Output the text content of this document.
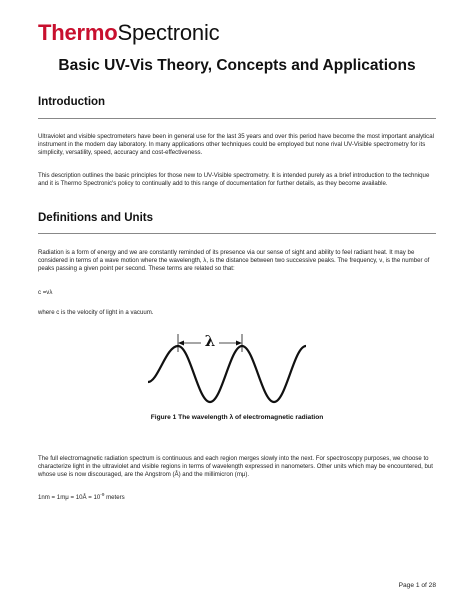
ThermoSpectronic
Basic UV-Vis Theory, Concepts and Applications
Introduction
Ultraviolet and visible spectrometers have been in general use for the last 35 years and over this period have become the most important analytical instrument in the modern day laboratory. In many applications other techniques could be employed but none rival UV-Visible spectrometry for its simplicity, versatility, speed, accuracy and cost-effectiveness.
This description outlines the basic principles for those new to UV-Visible spectrometry. It is intended purely as a brief introduction to the technique and it is Thermo Spectronic's policy to continually add to this range of documentation for further details, as they become available.
Definitions and Units
Radiation is a form of energy and we are constantly reminded of its presence via our sense of sight and ability to feel radiant heat. It may be considered in terms of a wave motion where the wavelength, λ, is the distance between two successive peaks. The frequency, ν, is the number of peaks passing a given point per second. These terms are related so that:
c =νλ
where c is the velocity of light in a vacuum.
λ
Figure 1 The wavelength λ of electromagnetic radiation
The full electromagnetic radiation spectrum is continuous and each region merges slowly into the next. For spectroscopy purposes, we choose to characterize light in the ultraviolet and visible regions in terms of wavelength expressed in nanometers. Other units which may be encountered, but whose use is now discouraged, are the Angstrom (Å) and the millimicron (mμ).
1nm = 1mμ = 10Å = $10^{-9}$ meters
Page 1 of 28
